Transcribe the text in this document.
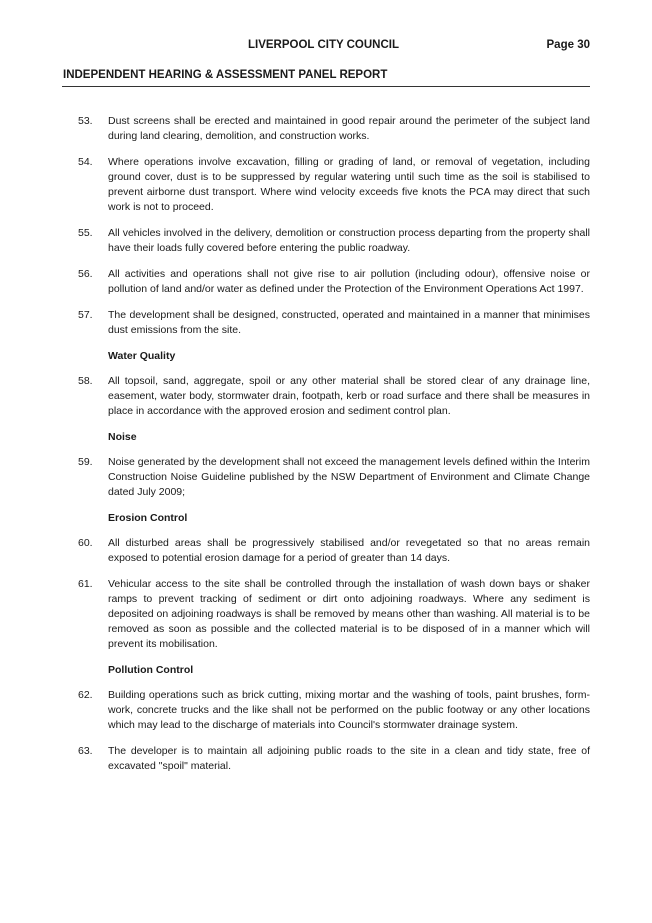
LIVERPOOL CITY COUNCIL	Page 30
INDEPENDENT HEARING & ASSESSMENT PANEL REPORT
53.	Dust screens shall be erected and maintained in good repair around the perimeter of the subject land during land clearing, demolition, and construction works.
54.	Where operations involve excavation, filling or grading of land, or removal of vegetation, including ground cover, dust is to be suppressed by regular watering until such time as the soil is stabilised to prevent airborne dust transport. Where wind velocity exceeds five knots the PCA may direct that such work is not to proceed.
55.	All vehicles involved in the delivery, demolition or construction process departing from the property shall have their loads fully covered before entering the public roadway.
56.	All activities and operations shall not give rise to air pollution (including odour), offensive noise or pollution of land and/or water as defined under the Protection of the Environment Operations Act 1997.
57.	The development shall be designed, constructed, operated and maintained in a manner that minimises dust emissions from the site.
Water Quality
58.	All topsoil, sand, aggregate, spoil or any other material shall be stored clear of any drainage line, easement, water body, stormwater drain, footpath, kerb or road surface and there shall be measures in place in accordance with the approved erosion and sediment control plan.
Noise
59.	Noise generated by the development shall not exceed the management levels defined within the Interim Construction Noise Guideline published by the NSW Department of Environment and Climate Change dated July 2009;
Erosion Control
60.	All disturbed areas shall be progressively stabilised and/or revegetated so that no areas remain exposed to potential erosion damage for a period of greater than 14 days.
61.	Vehicular access to the site shall be controlled through the installation of wash down bays or shaker ramps to prevent tracking of sediment or dirt onto adjoining roadways. Where any sediment is deposited on adjoining roadways is shall be removed by means other than washing. All material is to be removed as soon as possible and the collected material is to be disposed of in a manner which will prevent its mobilisation.
Pollution Control
62.	Building operations such as brick cutting, mixing mortar and the washing of tools, paint brushes, form-work, concrete trucks and the like shall not be performed on the public footway or any other locations which may lead to the discharge of materials into Council's stormwater drainage system.
63.	The developer is to maintain all adjoining public roads to the site in a clean and tidy state, free of excavated "spoil" material.
